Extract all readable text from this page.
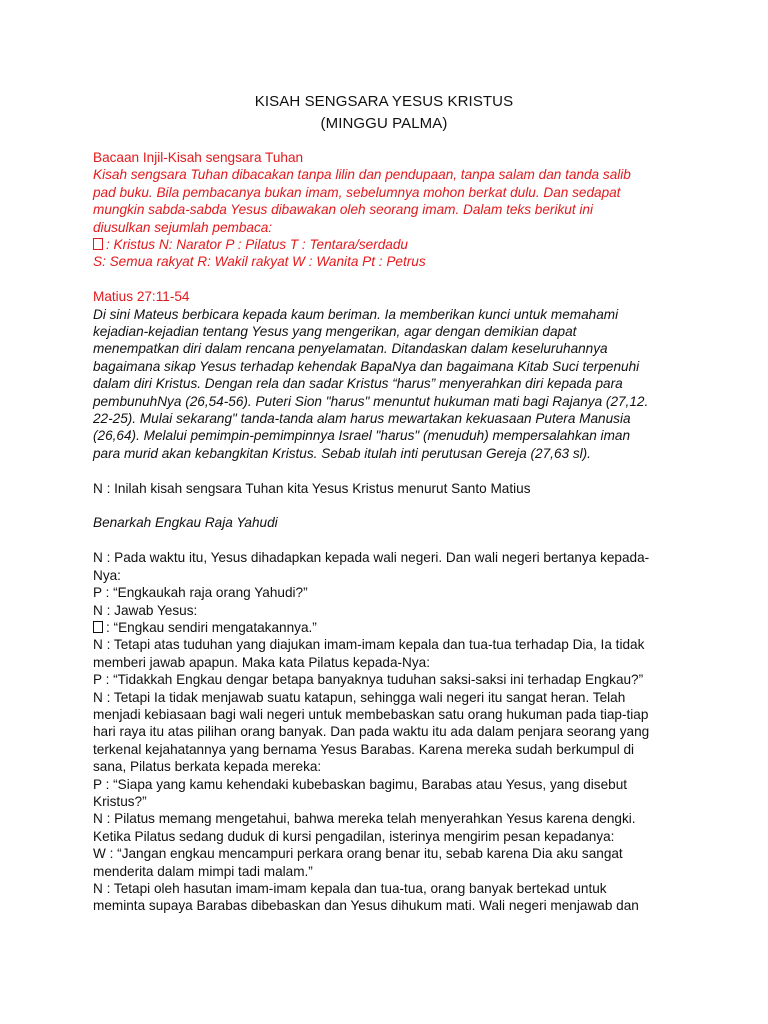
KISAH SENGSARA YESUS KRISTUS
(MINGGU PALMA)

Bacaan Injil-Kisah sengsara Tuhan

Kisah sengsara Tuhan dibacakan tanpa lilin dan pendupaan, tanpa salam dan tanda salib

pad buku. Bila pembacanya bukan imam, sebelumnya mohon berkat dulu. Dan sedapat

mungkin sabda-sabda Yesus dibawakan oleh seorang imam. Dalam teks berikut ini

diusulkan sejumlah pembaca:

: Kristus N: Narator P : Pilatus T : Tentara/serdadu

S: Semua rakyat R: Wakil rakyat W : Wanita Pt : Petrus

Matius 27:11-54

Di sini Mateus berbicara kepada kaum beriman. Ia memberikan kunci untuk memahami

kejadian-kejadian tentang Yesus yang mengerikan, agar dengan demikian dapat

menempatkan diri dalam rencana penyelamatan. Ditandaskan dalam keseluruhannya

bagaimana sikap Yesus terhadap kehendak BapaNya dan bagaimana Kitab Suci terpenuhi

dalam diri Kristus. Dengan rela dan sadar Kristus “harus” menyerahkan diri kepada para

pembunuhNya (26,54-56). Puteri Sion "harus" menuntut hukuman mati bagi Rajanya (27,12.

22-25). Mulai sekarang" tanda-tanda alam harus mewartakan kekuasaan Putera Manusia

(26,64). Melalui pemimpin-pemimpinnya Israel "harus" (menuduh) mempersalahkan iman

para murid akan kebangkitan Kristus. Sebab itulah inti perutusan Gereja (27,63 sl).

N : Inilah kisah sengsara Tuhan kita Yesus Kristus menurut Santo Matius

Benarkah Engkau Raja Yahudi

N : Pada waktu itu, Yesus dihadapkan kepada wali negeri. Dan wali negeri bertanya kepada-

Nya:

P : “Engkaukah raja orang Yahudi?”

N : Jawab Yesus:

: “Engkau sendiri mengatakannya.”

N : Tetapi atas tuduhan yang diajukan imam-imam kepala dan tua-tua terhadap Dia, Ia tidak

memberi jawab apapun. Maka kata Pilatus kepada-Nya:

P : “Tidakkah Engkau dengar betapa banyaknya tuduhan saksi-saksi ini terhadap Engkau?”

N : Tetapi Ia tidak menjawab suatu katapun, sehingga wali negeri itu sangat heran. Telah

menjadi kebiasaan bagi wali negeri untuk membebaskan satu orang hukuman pada tiap-tiap

hari raya itu atas pilihan orang banyak. Dan pada waktu itu ada dalam penjara seorang yang

terkenal kejahatannya yang bernama Yesus Barabas. Karena mereka sudah berkumpul di

sana, Pilatus berkata kepada mereka:

P : “Siapa yang kamu kehendaki kubebaskan bagimu, Barabas atau Yesus, yang disebut

Kristus?”

N : Pilatus memang mengetahui, bahwa mereka telah menyerahkan Yesus karena dengki.

Ketika Pilatus sedang duduk di kursi pengadilan, isterinya mengirim pesan kepadanya:

W : “Jangan engkau mencampuri perkara orang benar itu, sebab karena Dia aku sangat

menderita dalam mimpi tadi malam.”

N : Tetapi oleh hasutan imam-imam kepala dan tua-tua, orang banyak bertekad untuk

meminta supaya Barabas dibebaskan dan Yesus dihukum mati. Wali negeri menjawab dan
